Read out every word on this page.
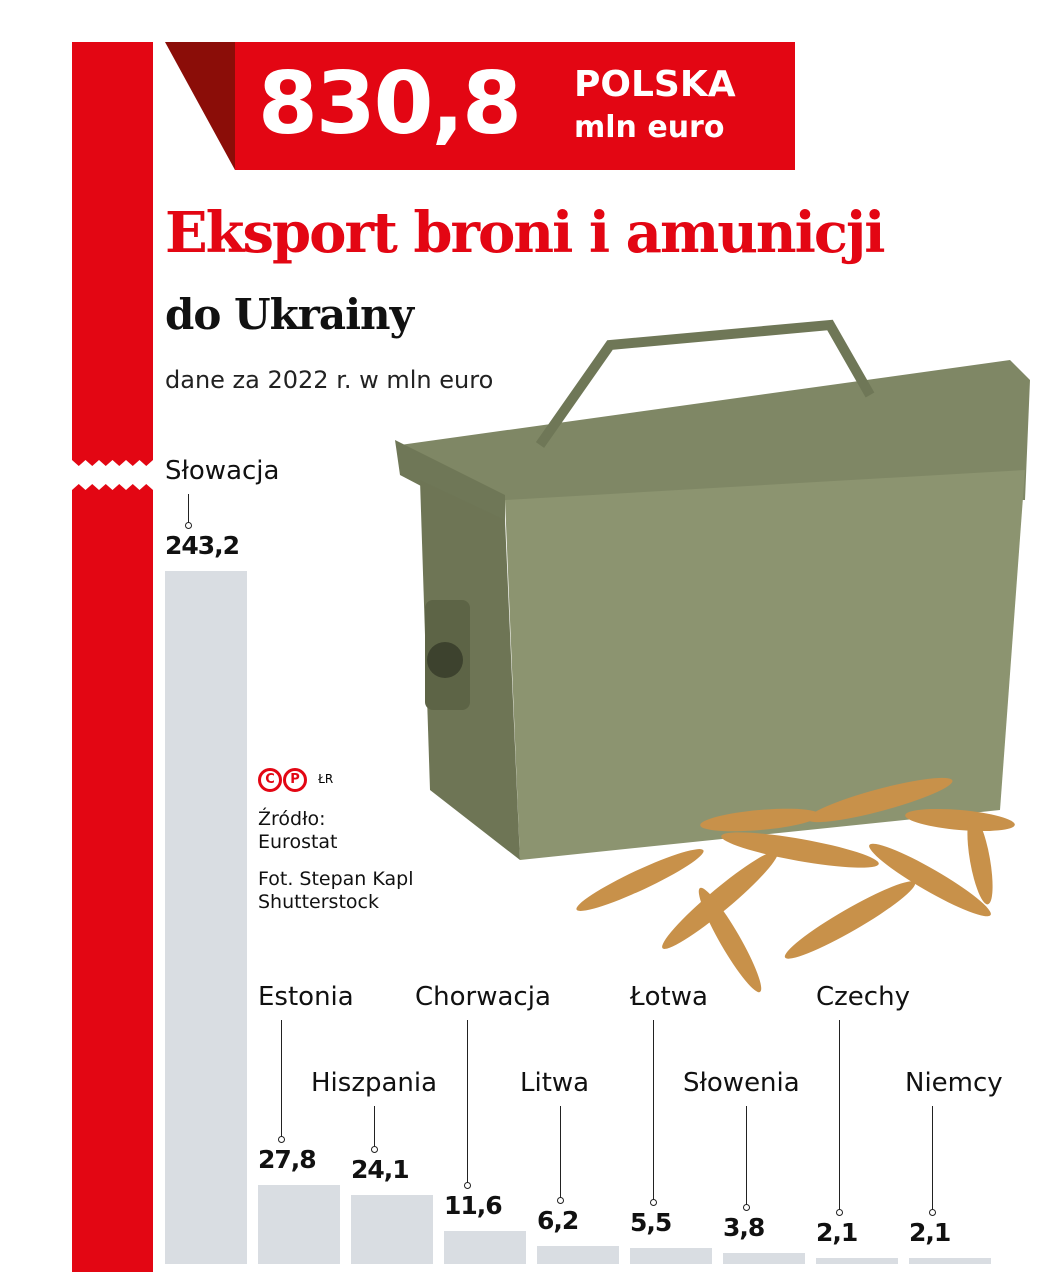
830,8 POLSKA
mln euro
Eksport broni i amunicji
do Ukrainy
dane za 2022 r. w mln euro
C P ŁR
Źródło:
Eurostat
Fot. Stepan Kapl
Shutterstock
243,2
Słowacja
27,8
Estonia
24,1
Hiszpania
11,6
Chorwacja
6,2
Litwa
5,5
Łotwa
3,8
Słowenia
2,1
Czechy
2,1
Niemcy
